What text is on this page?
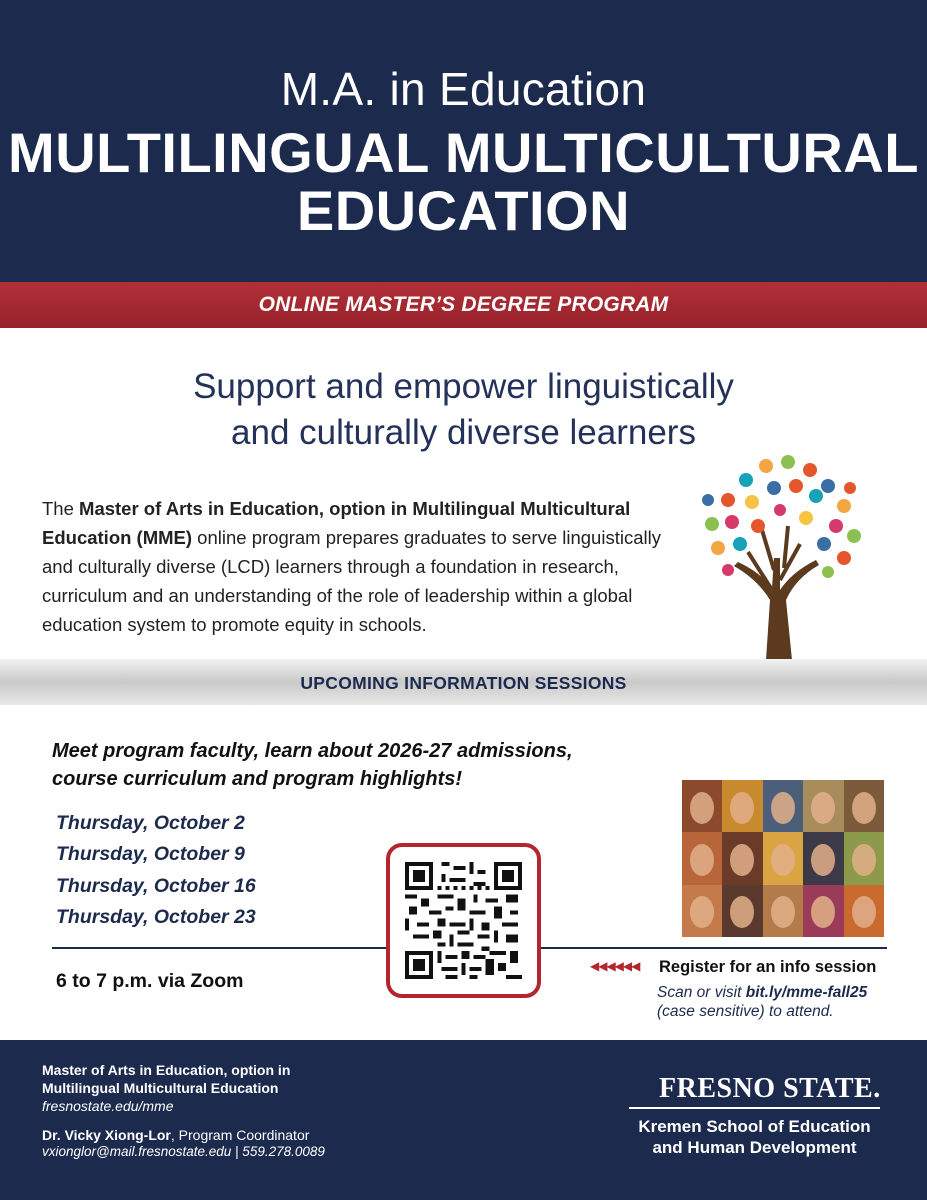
M.A. in Education
MULTILINGUAL MULTICULTURAL EDUCATION
ONLINE MASTER’S DEGREE PROGRAM
Support and empower linguistically
and culturally diverse learners

The Master of Arts in Education, option in Multilingual Multicultural Education (MME) online program prepares graduates to serve linguistically and culturally diverse (LCD) learners through a foundation in research, curriculum and an understanding of the role of leadership within a global education system to promote equity in schools.

UPCOMING INFORMATION SESSIONS
Meet program faculty, learn about 2026-27 admissions,
course curriculum and program highlights!
Thursday, October 2
Thursday, October 9
Thursday, October 16
Thursday, October 23
6 to 7 p.m. via Zoom
◀◀◀◀◀◀ Register for an info session
Scan or visit bit.ly/mme-fall25
(case sensitive) to attend.
Master of Arts in Education, option in
Multilingual Multicultural Education
fresnostate.edu/mme
Dr. Vicky Xiong-Lor, Program Coordinator
vxionglor@mail.fresnostate.edu | 559.278.0089
FRESNO STATE.
Kremen School of Education
and Human Development
